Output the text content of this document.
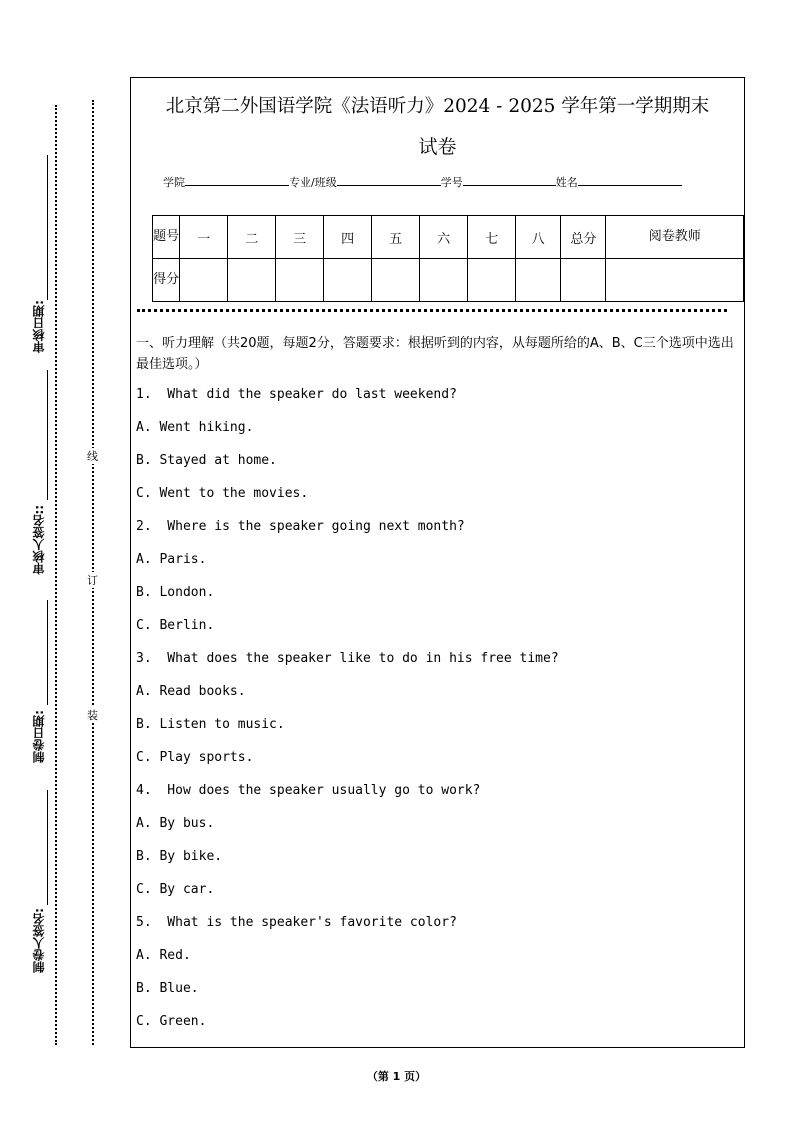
审核日期:
审核人签名::
制卷日期:
制卷人签名:
线
订
装
北京第二外国语学院《法语听力》2024 - 2025 学年第一学期期末
试卷
学院	专业/班级	学号	姓名
题号	一	二	三	四	五	六	七	八	总分	阅卷教师
得分										
一、听力理解（共20题，每题2分，答题要求：根据听到的内容，从每题所给的A、B、C三个选项中选出最佳选项。）
1.  What did the speaker do last weekend?
A. Went hiking.
B. Stayed at home.
C. Went to the movies.
2.  Where is the speaker going next month?
A. Paris.
B. London.
C. Berlin.
3.  What does the speaker like to do in his free time?
A. Read books.
B. Listen to music.
C. Play sports.
4.  How does the speaker usually go to work?
A. By bus.
B. By bike.
C. By car.
5.  What is the speaker's favorite color?
A. Red.
B. Blue.
C. Green.
（第 1 页）
